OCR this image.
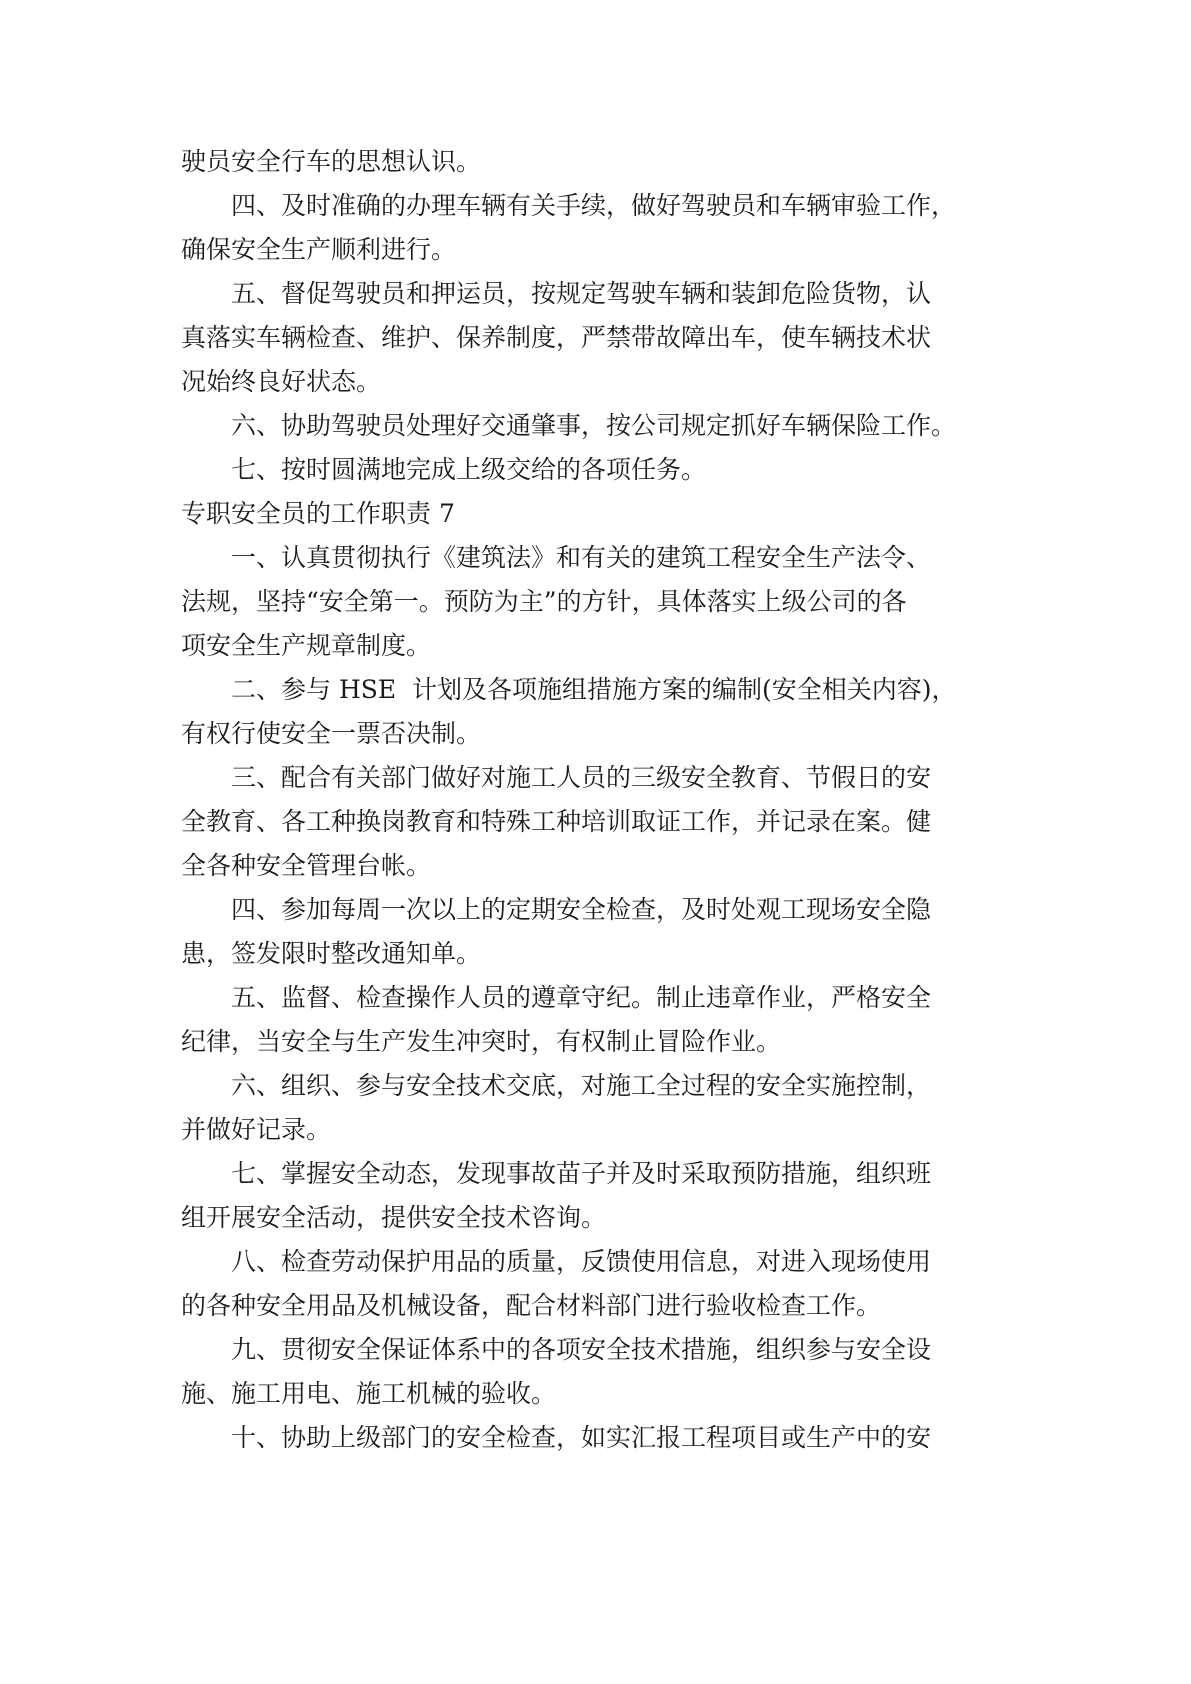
驶员安全行车的思想认识。

四、及时准确的办理车辆有关手续，做好驾驶员和车辆审验工作，

确保安全生产顺利进行。

五、督促驾驶员和押运员，按规定驾驶车辆和装卸危险货物，认

真落实车辆检查、维护、保养制度，严禁带故障出车，使车辆技术状

况始终良好状态。

六、协助驾驶员处理好交通肇事，按公司规定抓好车辆保险工作。

七、按时圆满地完成上级交给的各项任务。

专职安全员的工作职责 7

一、认真贯彻执行《建筑法》和有关的建筑工程安全生产法令、

法规，坚持“安全第一。预防为主”的方针，具体落实上级公司的各

项安全生产规章制度。

二、参与 HSE  计划及各项施组措施方案的编制(安全相关内容)，

有权行使安全一票否决制。

三、配合有关部门做好对施工人员的三级安全教育、节假日的安

全教育、各工种换岗教育和特殊工种培训取证工作，并记录在案。健

全各种安全管理台帐。

四、参加每周一次以上的定期安全检查，及时处观工现场安全隐

患，签发限时整改通知单。

五、监督、检查操作人员的遵章守纪。制止违章作业，严格安全

纪律，当安全与生产发生冲突时，有权制止冒险作业。

六、组织、参与安全技术交底，对施工全过程的安全实施控制，

并做好记录。

七、掌握安全动态，发现事故苗子并及时采取预防措施，组织班

组开展安全活动，提供安全技术咨询。

八、检查劳动保护用品的质量，反馈使用信息，对进入现场使用

的各种安全用品及机械设备，配合材料部门进行验收检查工作。

九、贯彻安全保证体系中的各项安全技术措施，组织参与安全设

施、施工用电、施工机械的验收。

十、协助上级部门的安全检查，如实汇报工程项目或生产中的安
